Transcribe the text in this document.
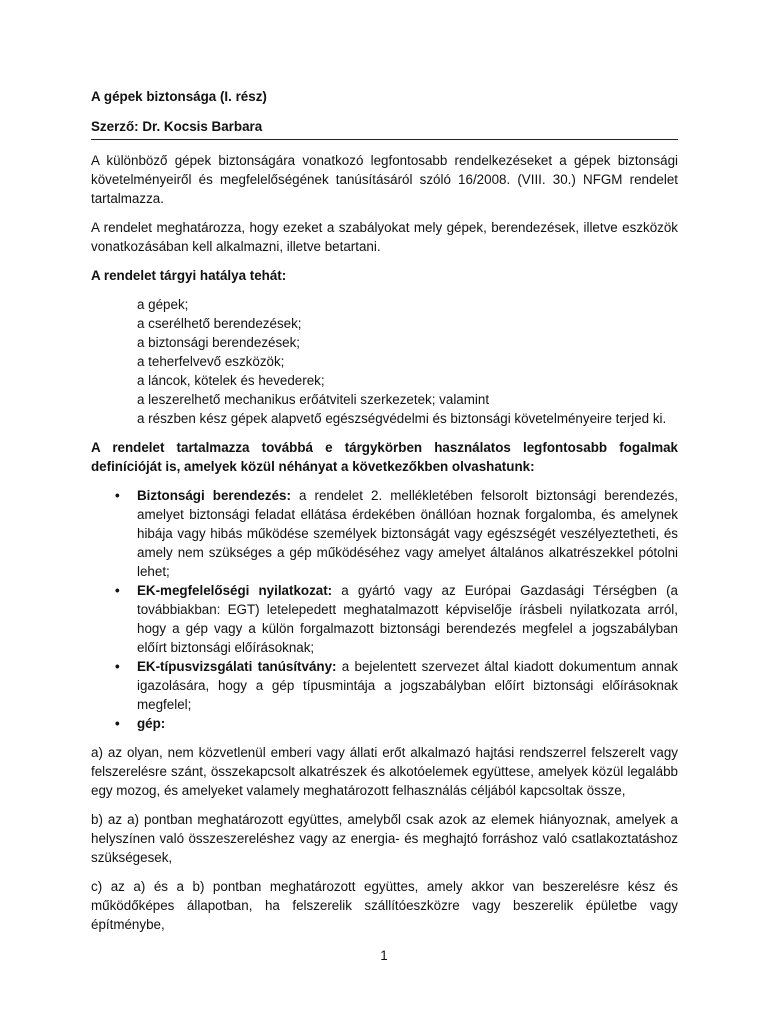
A gépek biztonsága (I. rész)
Szerző: Dr. Kocsis Barbara

A különböző gépek biztonságára vonatkozó legfontosabb rendelkezéseket a gépek biztonsági követelményeiről és megfelelőségének tanúsításáról szóló 16/2008. (VIII. 30.) NFGM rendelet tartalmazza.

A rendelet meghatározza, hogy ezeket a szabályokat mely gépek, berendezések, illetve eszközök vonatkozásában kell alkalmazni, illetve betartani.

A rendelet tárgyi hatálya tehát:

a gépek;
a cserélhető berendezések;
a biztonsági berendezések;
a teherfelvevő eszközök;
a láncok, kötelek és hevederek;
a leszerelhető mechanikus erőátviteli szerkezetek; valamint
a részben kész gépek alapvető egészségvédelmi és biztonsági követelményeire terjed ki.

A rendelet tartalmazza továbbá e tárgykörben használatos legfontosabb fogalmak definícióját is, amelyek közül néhányat a következőkben olvashatunk:

• Biztonsági berendezés: a rendelet 2. mellékletében felsorolt biztonsági berendezés, amelyet biztonsági feladat ellátása érdekében önállóan hoznak forgalomba, és amelynek hibája vagy hibás működése személyek biztonságát vagy egészségét veszélyeztetheti, és amely nem szükséges a gép működéséhez vagy amelyet általános alkatrészekkel pótolni lehet;
• EK-megfelelőségi nyilatkozat: a gyártó vagy az Európai Gazdasági Térségben (a továbbiakban: EGT) letelepedett meghatalmazott képviselője írásbeli nyilatkozata arról, hogy a gép vagy a külön forgalmazott biztonsági berendezés megfelel a jogszabályban előírt biztonsági előírásoknak;
• EK-típusvizsgálati tanúsítvány: a bejelentett szervezet által kiadott dokumentum annak igazolására, hogy a gép típusmintája a jogszabályban előírt biztonsági előírásoknak megfelel;
• gép:

a) az olyan, nem közvetlenül emberi vagy állati erőt alkalmazó hajtási rendszerrel felszerelt vagy felszerelésre szánt, összekapcsolt alkatrészek és alkotóelemek együttese, amelyek közül legalább egy mozog, és amelyeket valamely meghatározott felhasználás céljából kapcsoltak össze,

b) az a) pontban meghatározott együttes, amelyből csak azok az elemek hiányoznak, amelyek a helyszínen való összeszereléshez vagy az energia- és meghajtó forráshoz való csatlakoztatáshoz szükségesek,

c) az a) és a b) pontban meghatározott együttes, amely akkor van beszerelésre kész és működőképes állapotban, ha felszerelik szállítóeszközre vagy beszerelik épületbe vagy építménybe,

1
